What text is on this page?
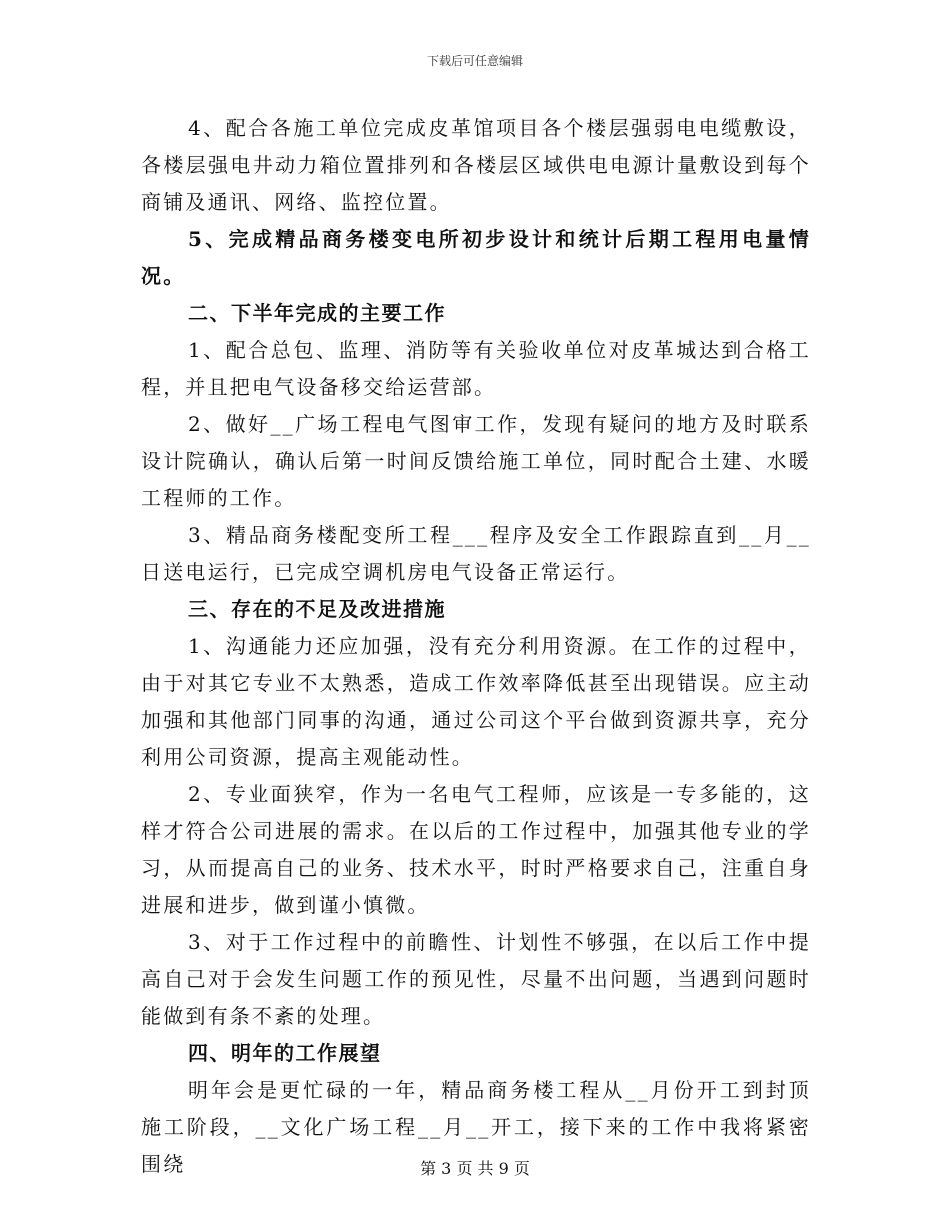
下载后可任意编辑

4、配合各施工单位完成皮革馆项目各个楼层强弱电电缆敷设，各楼层强电井动力箱位置排列和各楼层区域供电电源计量敷设到每个商铺及通讯、网络、监控位置。

5、完成精品商务楼变电所初步设计和统计后期工程用电量情况。

二、下半年完成的主要工作

1、配合总包、监理、消防等有关验收单位对皮革城达到合格工程，并且把电气设备移交给运营部。

2、做好__广场工程电气图审工作，发现有疑问的地方及时联系设计院确认，确认后第一时间反馈给施工单位，同时配合土建、水暖工程师的工作。

3、精品商务楼配变所工程___程序及安全工作跟踪直到__月__日送电运行，已完成空调机房电气设备正常运行。

三、存在的不足及改进措施

1、沟通能力还应加强，没有充分利用资源。在工作的过程中，由于对其它专业不太熟悉，造成工作效率降低甚至出现错误。应主动加强和其他部门同事的沟通，通过公司这个平台做到资源共享，充分利用公司资源，提高主观能动性。

2、专业面狭窄，作为一名电气工程师，应该是一专多能的，这样才符合公司进展的需求。在以后的工作过程中，加强其他专业的学习，从而提高自己的业务、技术水平，时时严格要求自己，注重自身进展和进步，做到谨小慎微。

3、对于工作过程中的前瞻性、计划性不够强，在以后工作中提高自己对于会发生问题工作的预见性，尽量不出问题，当遇到问题时能做到有条不紊的处理。

四、明年的工作展望

明年会是更忙碌的一年，精品商务楼工程从__月份开工到封顶施工阶段，__文化广场工程__月__开工，接下来的工作中我将紧密围绕	第 3 页 共 9 页
